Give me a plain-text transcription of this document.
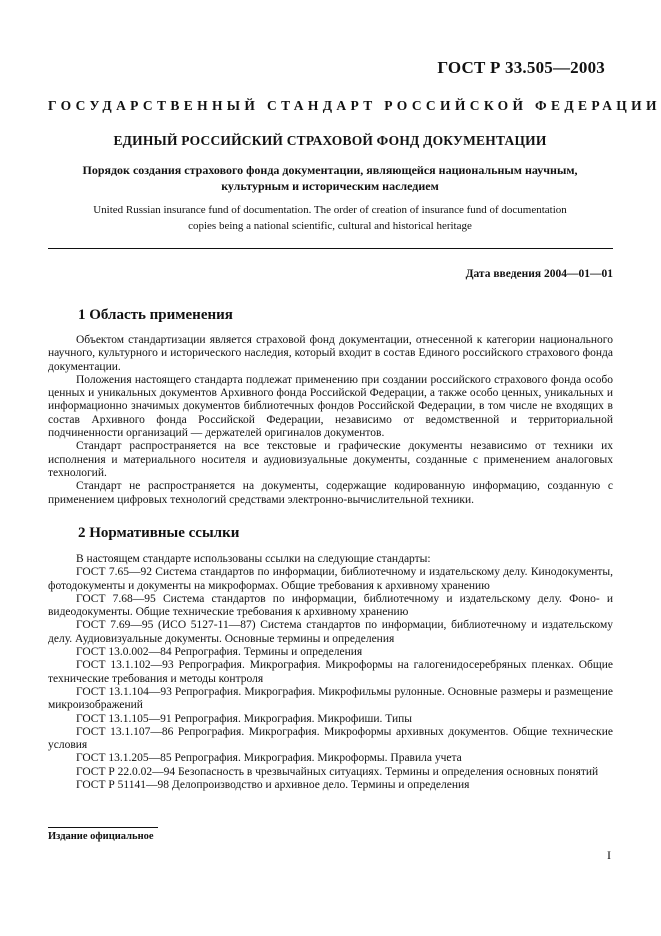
ГОСТ Р 33.505—2003
ГОСУДАРСТВЕННЫЙ СТАНДАРТ РОССИЙСКОЙ ФЕДЕРАЦИИ
ЕДИНЫЙ РОССИЙСКИЙ СТРАХОВОЙ ФОНД ДОКУМЕНТАЦИИ
Порядок создания страхового фонда документации, являющейся национальным научным, культурным и историческим наследием
United Russian insurance fund of documentation. The order of creation of insurance fund of documentation copies being a national scientific, cultural and historical heritage
Дата введения 2004—01—01
1 Область применения

Объектом стандартизации является страховой фонд документации, отнесенной к категории национального научного, культурного и исторического наследия, который входит в состав Единого российского страхового фонда документации.

Положения настоящего стандарта подлежат применению при создании российского страхового фонда особо ценных и уникальных документов Архивного фонда Российской Федерации, а также особо ценных, уникальных и информационно значимых документов библиотечных фондов Российской Федерации, в том числе не входящих в состав Архивного фонда Российской Федерации, независимо от ведомственной и территориальной подчиненности организаций — держателей оригиналов документов.

Стандарт распространяется на все текстовые и графические документы независимо от техники их исполнения и материального носителя и аудиовизуальные документы, созданные с применением аналоговых технологий.

Стандарт не распространяется на документы, содержащие кодированную информацию, созданную с применением цифровых технологий средствами электронно-вычислительной техники.

2 Нормативные ссылки

В настоящем стандарте использованы ссылки на следующие стандарты:

ГОСТ 7.65—92 Система стандартов по информации, библиотечному и издательскому делу. Кинодокументы, фотодокументы и документы на микроформах. Общие требования к архивному хранению

ГОСТ 7.68—95 Система стандартов по информации, библиотечному и издательскому делу. Фоно- и видеодокументы. Общие технические требования к архивному хранению

ГОСТ 7.69—95 (ИСО 5127-11—87) Система стандартов по информации, библиотечному и издательскому делу. Аудиовизуальные документы. Основные термины и определения

ГОСТ 13.0.002—84 Репрография. Термины и определения

ГОСТ 13.1.102—93 Репрография. Микрография. Микроформы на галогенидосеребряных пленках. Общие технические требования и методы контроля

ГОСТ 13.1.104—93 Репрография. Микрография. Микрофильмы рулонные. Основные размеры и размещение микроизображений

ГОСТ 13.1.105—91 Репрография. Микрография. Микрофиши. Типы

ГОСТ 13.1.107—86 Репрография. Микрография. Микроформы архивных документов. Общие технические условия

ГОСТ 13.1.205—85 Репрография. Микрография. Микроформы. Правила учета

ГОСТ Р 22.0.02—94 Безопасность в чрезвычайных ситуациях. Термины и определения основных понятий

ГОСТ Р 51141—98 Делопроизводство и архивное дело. Термины и определения

Издание официальное
I
